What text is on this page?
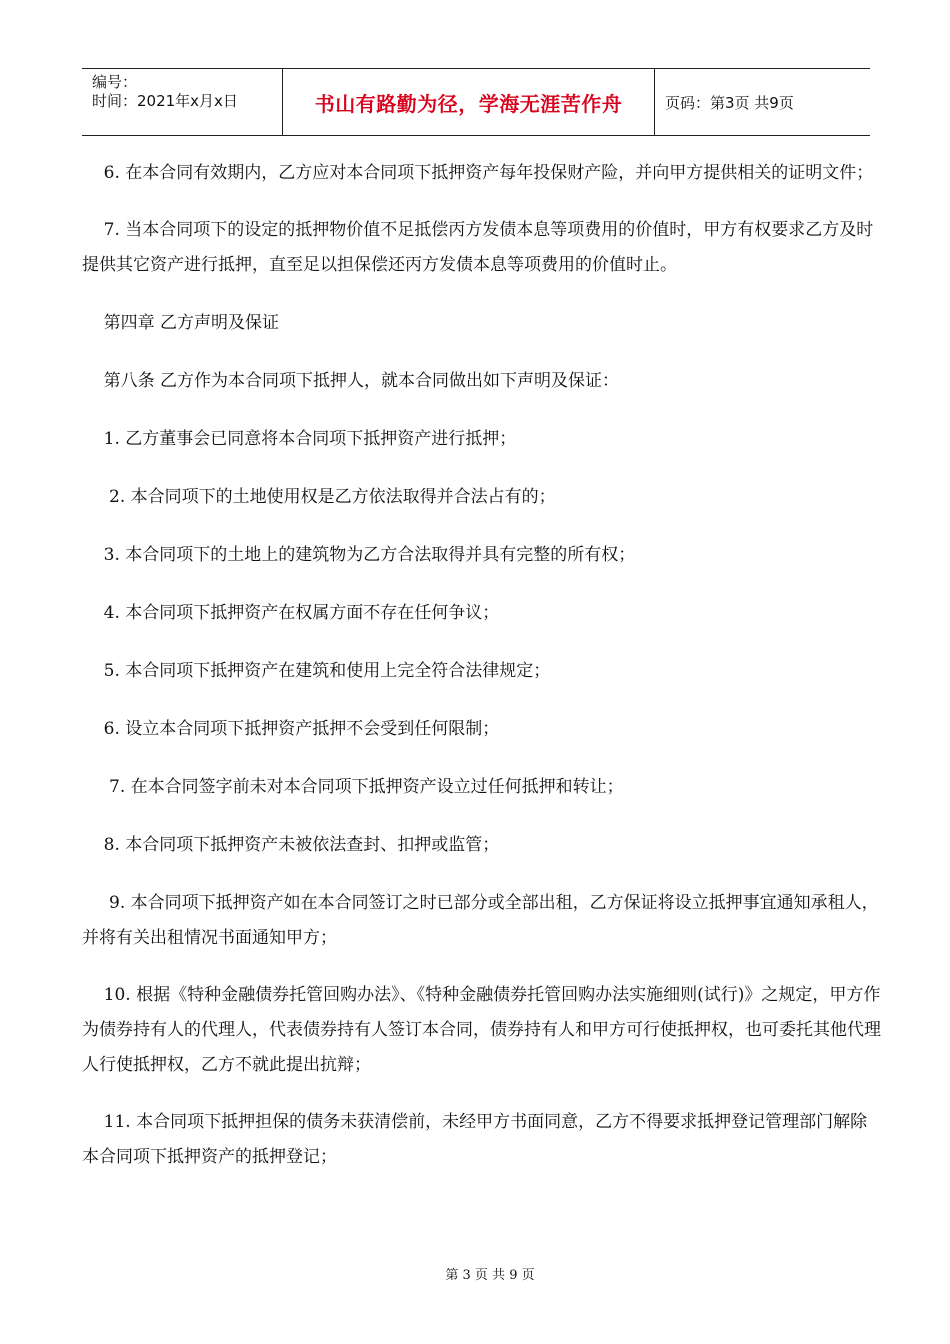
编号：
时间：2021年x月x日	书山有路勤为径，学海无涯苦作舟	页码：第3页 共9页

6. 在本合同有效期内，乙方应对本合同项下抵押资产每年投保财产险，并向甲方提供相关的证明文件；

7. 当本合同项下的设定的抵押物价值不足抵偿丙方发债本息等项费用的价值时，甲方有权要求乙方及时提供其它资产进行抵押，直至足以担保偿还丙方发债本息等项费用的价值时止。

第四章 乙方声明及保证

第八条 乙方作为本合同项下抵押人，就本合同做出如下声明及保证：

1. 乙方董事会已同意将本合同项下抵押资产进行抵押；

2. 本合同项下的土地使用权是乙方依法取得并合法占有的；

3. 本合同项下的土地上的建筑物为乙方合法取得并具有完整的所有权；

4. 本合同项下抵押资产在权属方面不存在任何争议；

5. 本合同项下抵押资产在建筑和使用上完全符合法律规定；

6. 设立本合同项下抵押资产抵押不会受到任何限制；

7. 在本合同签字前未对本合同项下抵押资产设立过任何抵押和转让；

8. 本合同项下抵押资产未被依法查封、扣押或监管；

9. 本合同项下抵押资产如在本合同签订之时已部分或全部出租，乙方保证将设立抵押事宜通知承租人，并将有关出租情况书面通知甲方；

10. 根据《特种金融债券托管回购办法》、《特种金融债券托管回购办法实施细则(试行)》之规定，甲方作为债券持有人的代理人，代表债券持有人签订本合同，债券持有人和甲方可行使抵押权，也可委托其他代理人行使抵押权，乙方不就此提出抗辩；

11. 本合同项下抵押担保的债务未获清偿前，未经甲方书面同意，乙方不得要求抵押登记管理部门解除本合同项下抵押资产的抵押登记；

第 3 页 共 9 页
